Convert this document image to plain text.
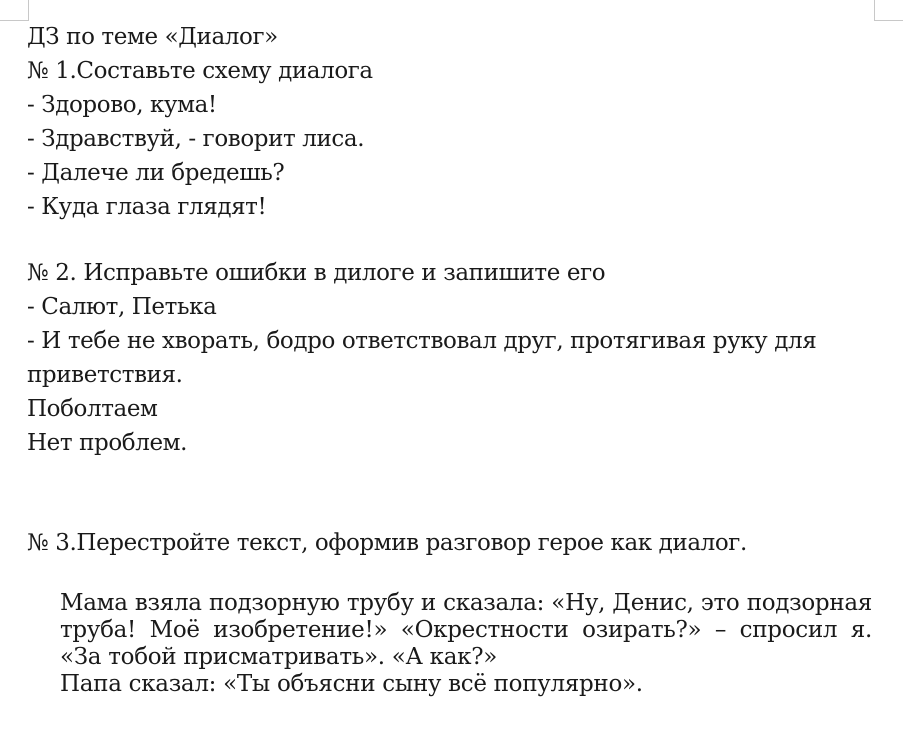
ДЗ по теме «Диалог»
№ 1.Составьте схему диалога
- Здорово, кума!
- Здравствуй, - говорит лиса.
- Далече ли бредешь?
- Куда глаза глядят!
№ 2. Исправьте ошибки в дилоге и запишите его
- Салют, Петька
- И тебе не хворать, бодро ответствовал друг, протягивая руку для приветствия.
Поболтаем
Нет проблем.
№ 3.Перестройте текст, оформив разговор герое как диалог.

Мама взяла подзорную трубу и сказала: «Ну, Денис, это подзорная труба! Моё изобретение!» «Окрестности озирать?» – спросил я. «За тобой присматривать». «А как?»

Папа сказал: «Ты объясни сыну всё популярно».
